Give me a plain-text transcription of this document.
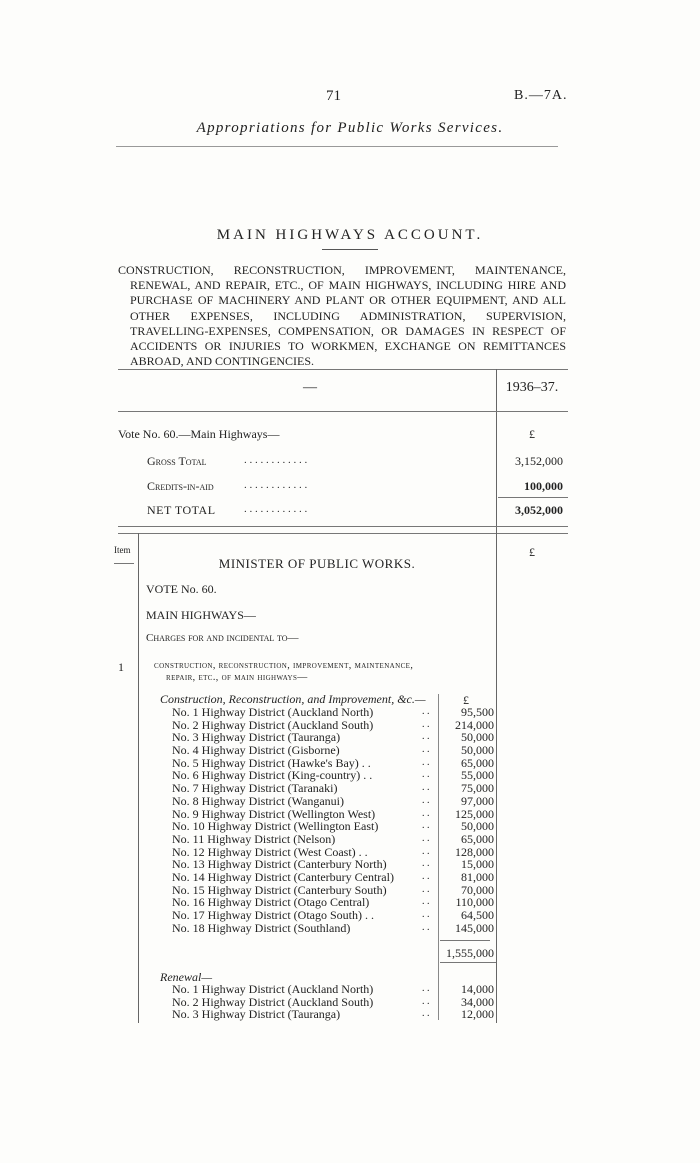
71	B.—7A.
Appropriations for Public Works Services.
MAIN HIGHWAYS ACCOUNT.
CONSTRUCTION, RECONSTRUCTION, IMPROVEMENT, MAINTENANCE, RENEWAL, AND REPAIR, ETC., OF MAIN HIGHWAYS, INCLUDING HIRE AND PURCHASE OF MACHINERY AND PLANT OR OTHER EQUIPMENT, AND ALL OTHER EXPENSES, INCLUDING ADMINISTRATION, SUPERVISION, TRAVELLING-EXPENSES, COMPENSATION, OR DAMAGES IN RESPECT OF ACCIDENTS OR INJURIES TO WORKMEN, EXCHANGE ON REMITTANCES ABROAD, AND CONTINGENCIES.
—	1936–37.
Vote No. 60.—Main Highways—	£
Gross Total	. . . . . . . . . . . .	3,152,000
Credits-in-aid	. . . . . . . . . . . .	100,000
NET TOTAL	. . . . . . . . . . . .	3,052,000
Item	£
MINISTER OF PUBLIC WORKS.
VOTE No. 60.
MAIN HIGHWAYS—
Charges for and incidental to—
1	construction, reconstruction, improvement, maintenance,
repair, etc., of main highways—
Construction, Reconstruction, and Improvement, &c.—	£
No. 1 Highway District (Auckland North)	. .	95,500
No. 2 Highway District (Auckland South)	. . 214,000
No. 3 Highway District (Tauranga)	. .	50,000
No. 4 Highway District (Gisborne)	. .	50,000
No. 5 Highway District (Hawke's Bay) . .	. .	65,000
No. 6 Highway District (King-country) . .	. .	55,000
No. 7 Highway District (Taranaki)	. .	75,000
No. 8 Highway District (Wanganui)	. .	97,000
No. 9 Highway District (Wellington West)	. . 125,000
No. 10 Highway District (Wellington East)	. .	50,000
No. 11 Highway District (Nelson)	. .	65,000
No. 12 Highway District (West Coast) . .	. . 128,000
No. 13 Highway District (Canterbury North)	. .	15,000
No. 14 Highway District (Canterbury Central)	. .	81,000
No. 15 Highway District (Canterbury South)	. .	70,000
No. 16 Highway District (Otago Central)	. . 110,000
No. 17 Highway District (Otago South) . .	. .	64,500
No. 18 Highway District (Southland)	. . 145,000
1,555,000
Renewal—
No. 1 Highway District (Auckland North)	. .	14,000
No. 2 Highway District (Auckland South)	. .	34,000
No. 3 Highway District (Tauranga)	. .	12,000
